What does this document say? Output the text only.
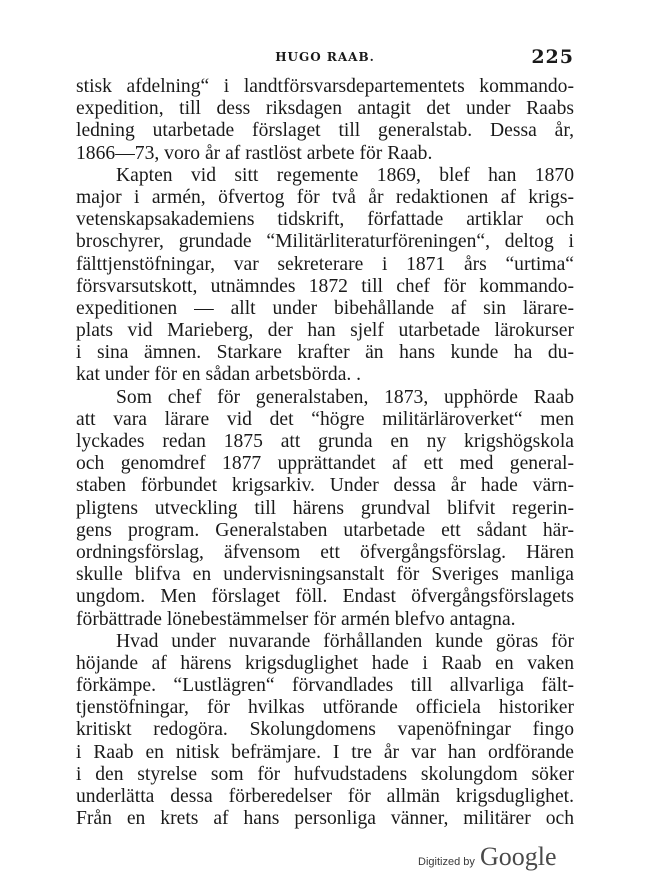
HUGO RAAB.	225
stisk afdelning“ i landtförsvarsdepartementets kommando-
expedition, till dess riksdagen antagit det under Raabs
ledning utarbetade förslaget till generalstab. Dessa år,
1866—73, voro år af rastlöst arbete för Raab.
Kapten vid sitt regemente 1869, blef han 1870
major i armén, öfvertog för två år redaktionen af krigs-
vetenskapsakademiens tidskrift, författade artiklar och
broschyrer, grundade “Militärliteraturföreningen“, deltog i
fälttjenstöfningar, var sekreterare i 1871 års “urtima“
försvarsutskott, utnämndes 1872 till chef för kommando-
expeditionen — allt under bibehållande af sin lärare-
plats vid Marieberg, der han sjelf utarbetade lärokurser
i sina ämnen. Starkare krafter än hans kunde ha du-
kat under för en sådan arbetsbörda. .
Som chef för generalstaben, 1873, upphörde Raab
att vara lärare vid det “högre militärläroverket“ men
lyckades redan 1875 att grunda en ny krigshögskola
och genomdref 1877 upprättandet af ett med general-
staben förbundet krigsarkiv. Under dessa år hade värn-
pligtens utveckling till härens grundval blifvit regerin-
gens program. Generalstaben utarbetade ett sådant här-
ordningsförslag, äfvensom ett öfvergångsförslag. Hären
skulle blifva en undervisningsanstalt för Sveriges manliga
ungdom. Men förslaget föll. Endast öfvergångsförslagets
förbättrade lönebestämmelser för armén blefvo antagna.
Hvad under nuvarande förhållanden kunde göras för
höjande af härens krigsduglighet hade i Raab en vaken
förkämpe. “Lustlägren“ förvandlades till allvarliga fält-
tjenstöfningar, för hvilkas utförande officiela historiker
kritiskt redogöra. Skolungdomens vapenöfningar fingo
i Raab en nitisk befrämjare. I tre år var han ordförande
i den styrelse som för hufvudstadens skolungdom söker
underlätta dessa förberedelser för allmän krigsduglighet.
Från en krets af hans personliga vänner, militärer och
Digitized by Google
